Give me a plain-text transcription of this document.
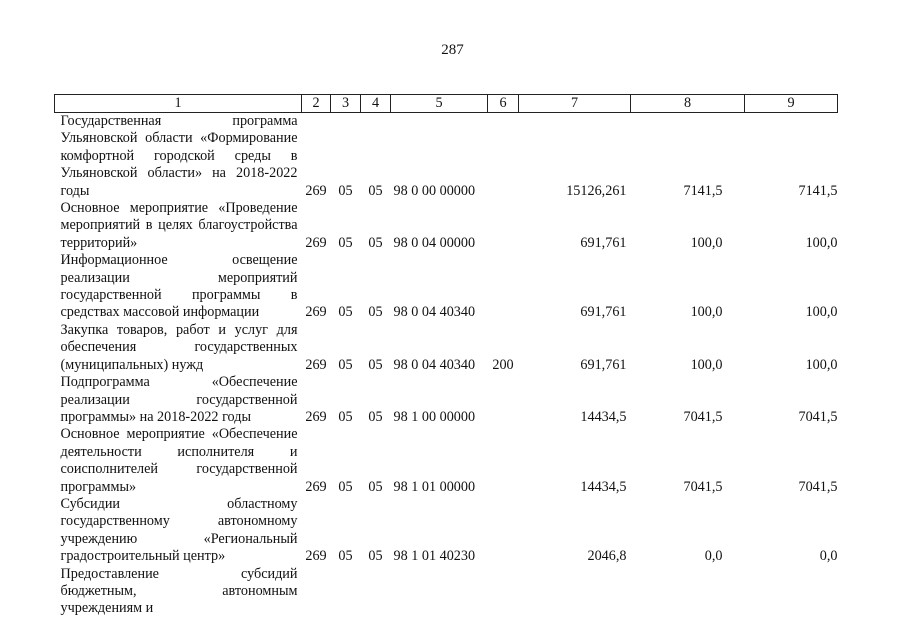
287
1	2	3	4	5	6	7	8	9
Государственная программа Ульяновской области «Формирование комфортной городской среды в Ульяновской области» на 2018-2022 годы	269	05	05	98 0 00 00000		15126,261	7141,5	7141,5
Основное мероприятие «Проведение мероприятий в целях благоустройства территорий»	269	05	05	98 0 04 00000		691,761	100,0	100,0
Информационное освещение реализации мероприятий государственной программы в средствах массовой информации	269	05	05	98 0 04 40340		691,761	100,0	100,0
Закупка товаров, работ и услуг для обеспечения государственных (муниципальных) нужд	269	05	05	98 0 04 40340	200	691,761	100,0	100,0
Подпрограмма «Обеспечение реализации государственной программы» на 2018-2022 годы	269	05	05	98 1 00 00000		14434,5	7041,5	7041,5
Основное мероприятие «Обеспечение деятельности исполнителя и соисполнителей государственной программы»	269	05	05	98 1 01 00000		14434,5	7041,5	7041,5
Субсидии областному государственному автономному учреждению «Региональный градостроительный центр»	269	05	05	98 1 01 40230		2046,8	0,0	0,0
Предоставление субсидий бюджетным, автономным учреждениям и								
